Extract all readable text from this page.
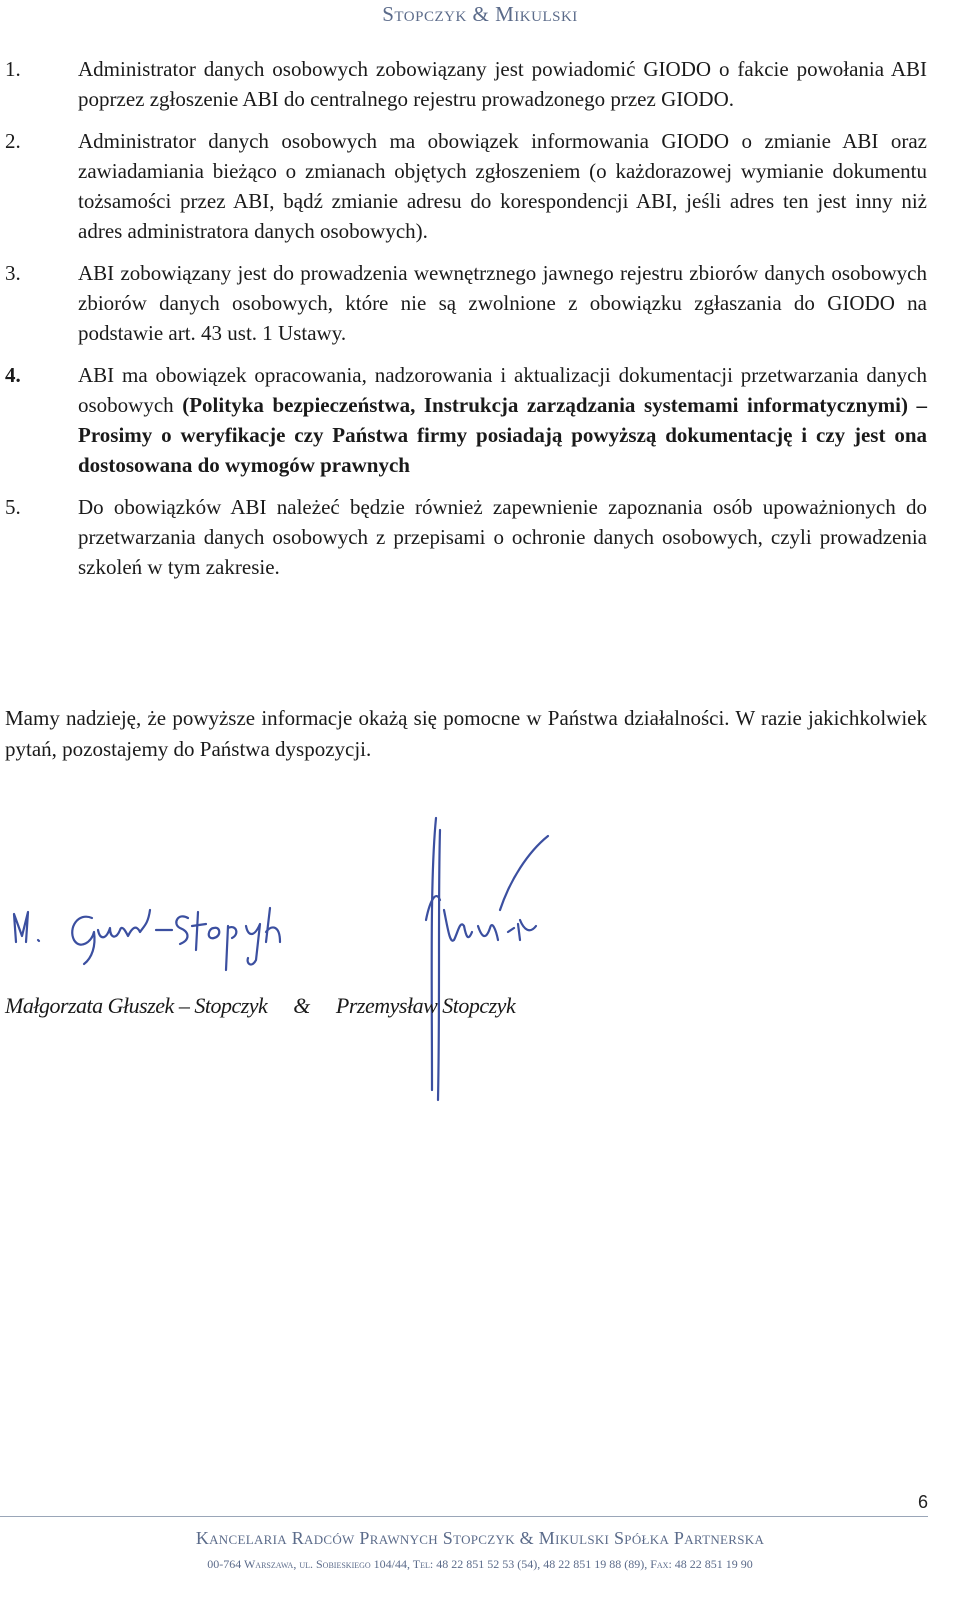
Stopczyk & Mikulski
1.	Administrator danych osobowych zobowiązany jest powiadomić GIODO o fakcie powołania ABI poprzez zgłoszenie ABI do centralnego rejestru prowadzonego przez GIODO.
2.	Administrator danych osobowych ma obowiązek informowania GIODO o zmianie ABI oraz zawiadamiania bieżąco o zmianach objętych zgłoszeniem (o każdorazowej wymianie dokumentu tożsamości przez ABI, bądź zmianie adresu do korespondencji ABI, jeśli adres ten jest inny niż adres administratora danych osobowych).
3.	ABI zobowiązany jest do prowadzenia wewnętrznego jawnego rejestru zbiorów danych osobowych zbiorów danych osobowych, które nie są zwolnione z obowiązku zgłaszania do GIODO na podstawie art. 43 ust. 1 Ustawy.
4.	ABI ma obowiązek opracowania, nadzorowania i aktualizacji dokumentacji przetwarzania danych osobowych (Polityka bezpieczeństwa, Instrukcja zarządzania systemami informatycznymi) – Prosimy o weryfikacje czy Państwa firmy posiadają powyższą dokumentację i czy jest ona dostosowana do wymogów prawnych
5.	Do obowiązków ABI należeć będzie również zapewnienie zapoznania osób upoważnionych do przetwarzania danych osobowych z przepisami o ochronie danych osobowych, czyli prowadzenia szkoleń w tym zakresie.
Mamy nadzieję, że powyższe informacje okażą się pomocne w Państwa działalności. W razie jakichkolwiek pytań, pozostajemy do Państwa dyspozycji.
Małgorzata Głuszek – Stopczyk & Przemysław Stopczyk
6
Kancelaria Radców Prawnych Stopczyk & Mikulski Spółka Partnerska
00-764 Warszawa, ul. Sobieskiego 104/44, Tel: 48 22 851 52 53 (54), 48 22 851 19 88 (89), Fax: 48 22 851 19 90
